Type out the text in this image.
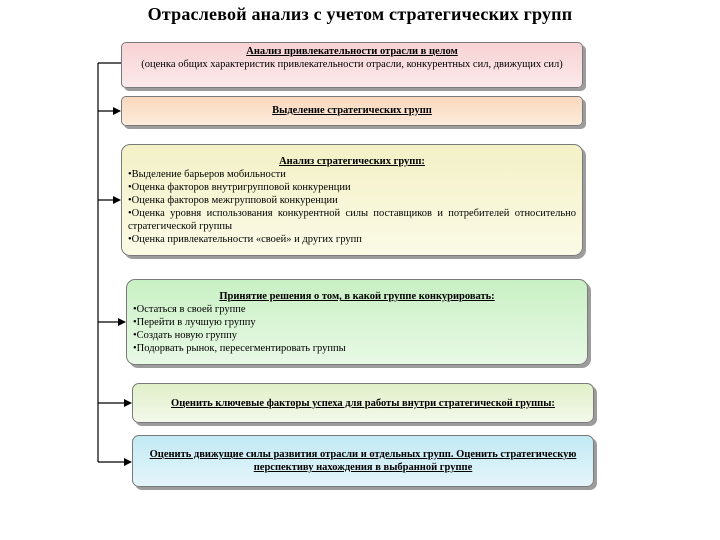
Отраслевой анализ с учетом стратегических групп
Анализ привлекательности отрасли в целом
(оценка общих характеристик привлекательности отрасли, конкурентных сил, движущих сил)
Выделение стратегических групп
Анализ стратегических групп:
•Выделение барьеров мобильности
•Оценка факторов внутригрупповой конкуренции
•Оценка факторов межгрупповой конкуренции
•Оценка уровня использования конкурентной силы поставщиков и потребителей относительно стратегической группы
•Оценка привлекательности «своей» и других групп
Принятие решения о том, в какой группе конкурировать:
•Остаться в своей группе
•Перейти в лучшую группу
•Создать новую группу
•Подорвать рынок, пересегментировать группы
Оценить ключевые факторы успеха для работы внутри стратегической группы:
Оценить движущие силы развития отрасли и отдельных групп. Оценить стратегическую перспективу нахождения в выбранной группе
